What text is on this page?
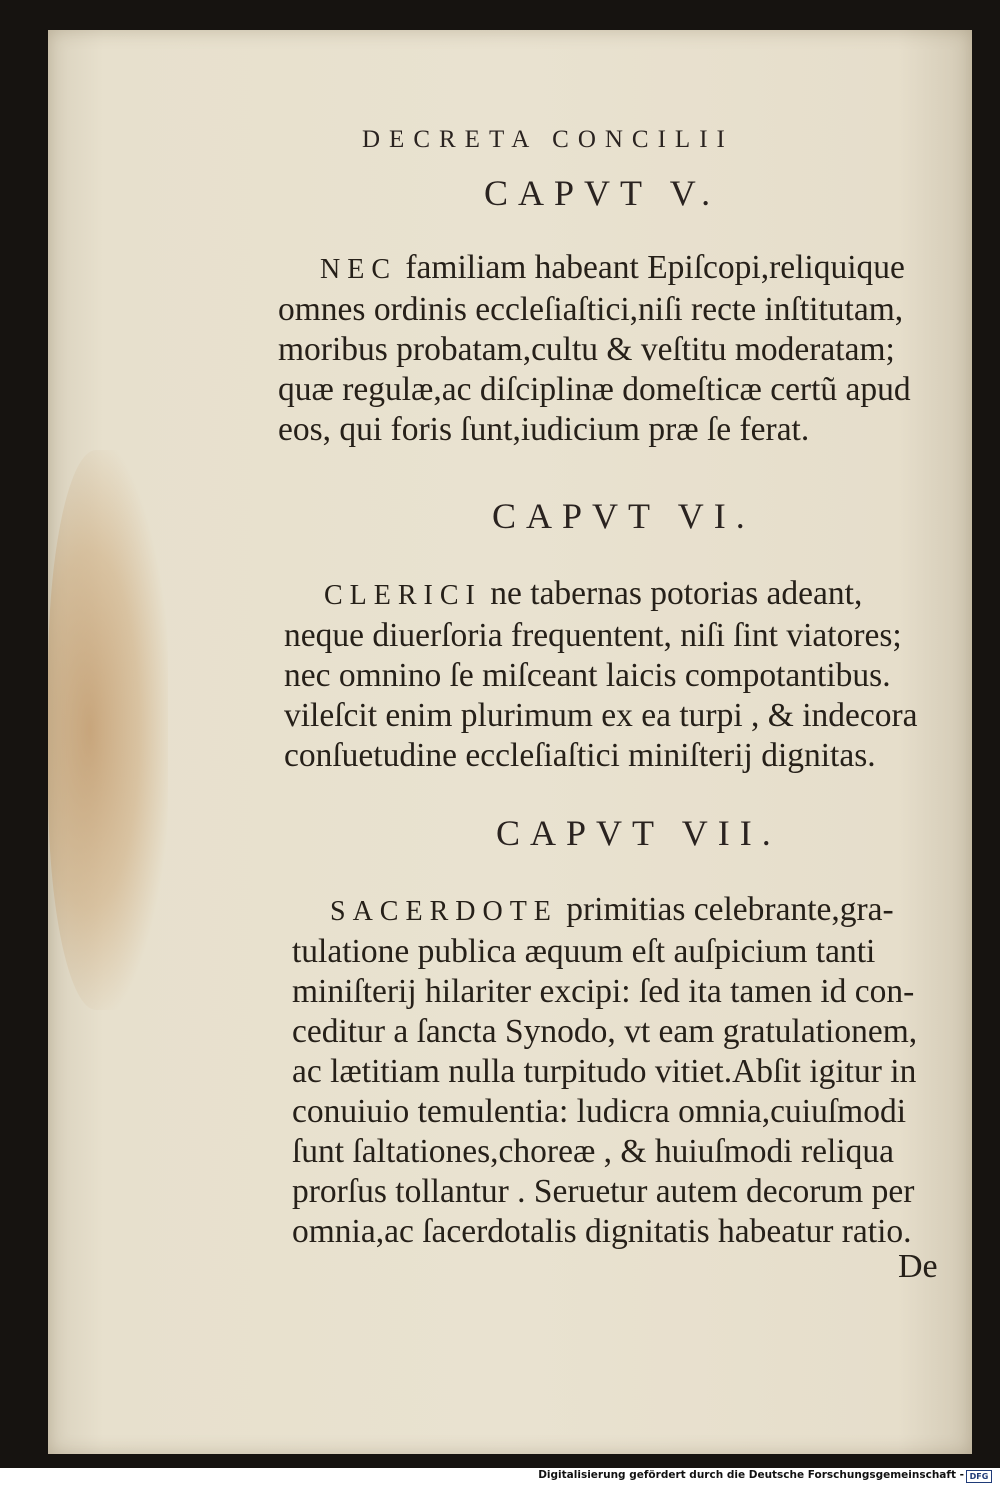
DECRETA CONCILII
CAPVT V.
NEC familiam habeant Epiſcopi,reliquique
omnes ordinis eccleſiaſtici,niſi recte inſtitutam,
moribus probatam,cultu & veſtitu moderatam;
quæ regulæ,ac diſciplinæ domeſticæ certũ apud
eos, qui foris ſunt,iudicium præ ſe ferat.
CAPVT VI.
CLERICI ne tabernas potorias adeant,
neque diuerſoria frequentent, niſi ſint viatores;
nec omnino ſe miſceant laicis compotantibus.
vileſcit enim plurimum ex ea turpi , & indecora
conſuetudine eccleſiaſtici miniſterij dignitas.
CAPVT VII.
SACERDOTE primitias celebrante,gra-
tulatione publica æquum eſt auſpicium tanti
miniſterij hilariter excipi: ſed ita tamen id con-
ceditur a ſancta Synodo, vt eam gratulationem,
ac lætitiam nulla turpitudo vitiet.Abſit igitur in
conuiuio temulentia: ludicra omnia,cuiuſmodi
ſunt ſaltationes,choreæ , & huiuſmodi reliqua
prorſus tollantur . Seruetur autem decorum per
omnia,ac ſacerdotalis dignitatis habeatur ratio.
De
Digitalisierung gefördert durch die Deutsche Forschungsgemeinschaft - DFG
